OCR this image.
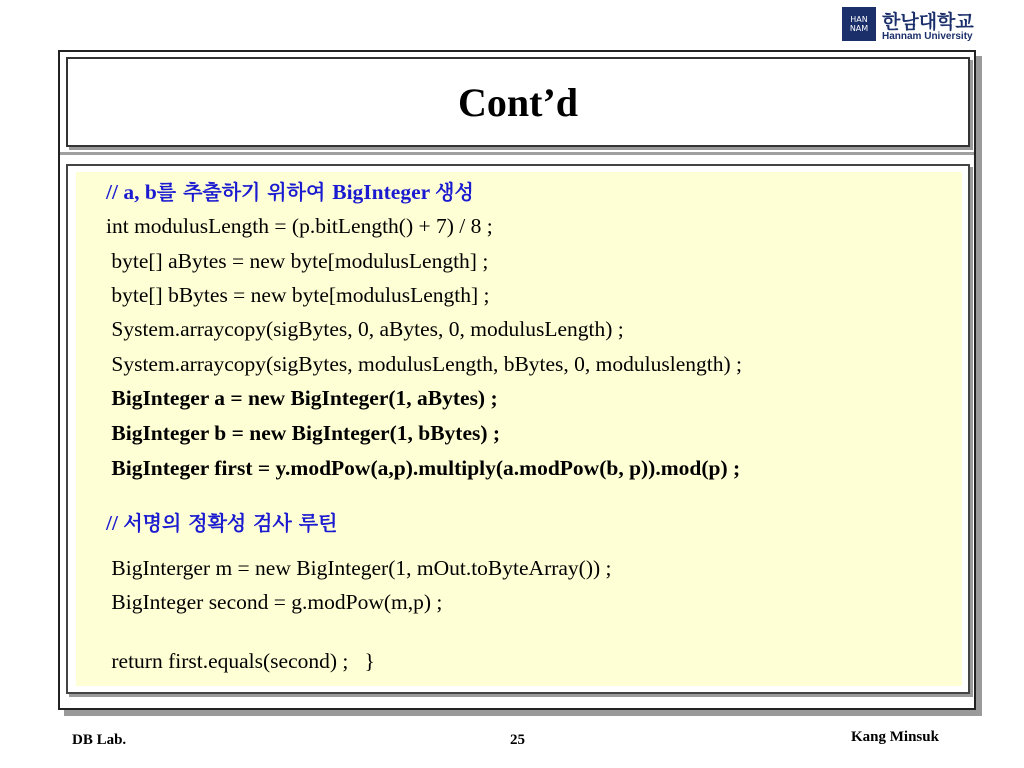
HAN NAM 한남대학교
Hannam University
Cont’d
// a, b를 추출하기 위하여 BigInteger 생성
int modulusLength = (p.bitLength() + 7) / 8 ;
byte[] aBytes = new byte[modulusLength] ;
byte[] bBytes = new byte[modulusLength] ;
System.arraycopy(sigBytes, 0, aBytes, 0, modulusLength) ;
System.arraycopy(sigBytes, modulusLength, bBytes, 0, moduluslength) ;
BigInteger a = new BigInteger(1, aBytes) ;
BigInteger b = new BigInteger(1, bBytes) ;
BigInteger first = y.modPow(a,p).multiply(a.modPow(b, p)).mod(p) ;
// 서명의 정확성 검사 루틴
BigInterger m = new BigInteger(1, mOut.toByteArray()) ;
BigInteger second = g.modPow(m,p) ;
return first.equals(second) ;   }
DB Lab.	25	Kang Minsuk
